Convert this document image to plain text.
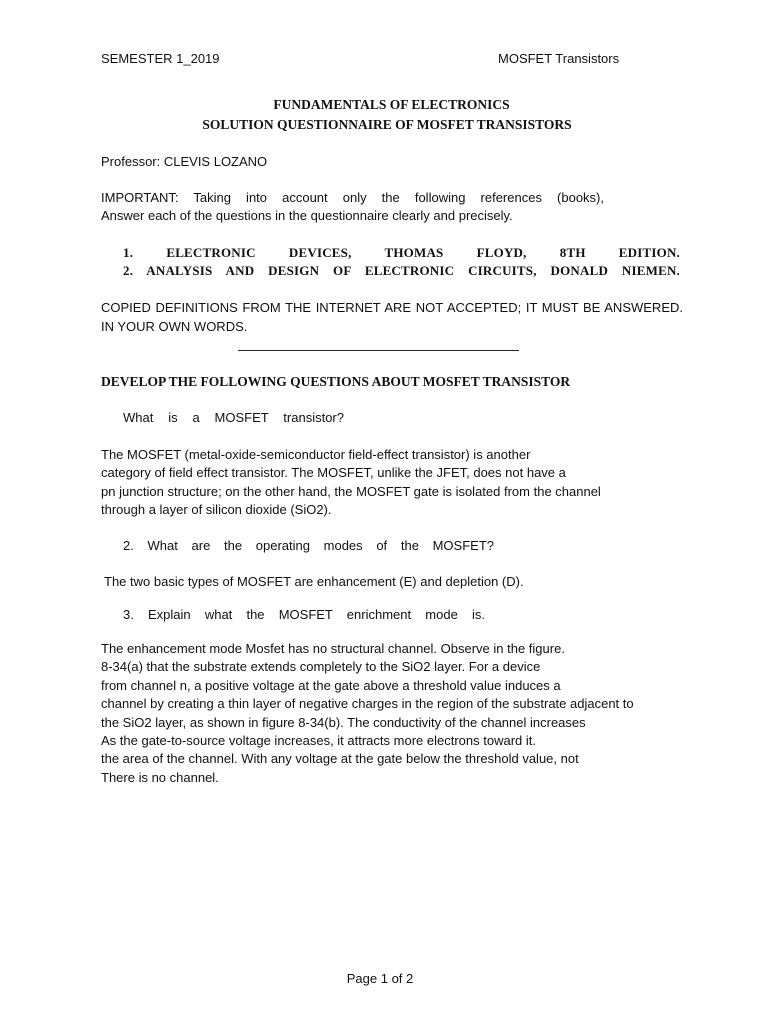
SEMESTER 1_2019	MOSFET Transistors
FUNDAMENTALS OF ELECTRONICS
SOLUTION QUESTIONNAIRE OF MOSFET TRANSISTORS
Professor: CLEVIS LOZANO
IMPORTANT: Taking into account only the following references (books),
Answer each of the questions in the questionnaire clearly and precisely.
1. ELECTRONIC DEVICES, THOMAS FLOYD, 8TH EDITION.
2. ANALYSIS AND DESIGN OF ELECTRONIC CIRCUITS, DONALD NIEMEN.
COPIED DEFINITIONS FROM THE INTERNET ARE NOT ACCEPTED; IT MUST BE ANSWERED.
IN YOUR OWN WORDS.
DEVELOP THE FOLLOWING QUESTIONS ABOUT MOSFET TRANSISTOR
What is a MOSFET transistor?
The MOSFET (metal-oxide-semiconductor field-effect transistor) is another
category of field effect transistor. The MOSFET, unlike the JFET, does not have a
pn junction structure; on the other hand, the MOSFET gate is isolated from the channel
through a layer of silicon dioxide (SiO2).
2. What are the operating modes of the MOSFET?
The two basic types of MOSFET are enhancement (E) and depletion (D).
3. Explain what the MOSFET enrichment mode is.
The enhancement mode Mosfet has no structural channel. Observe in the figure.
8-34(a) that the substrate extends completely to the SiO2 layer. For a device
from channel n, a positive voltage at the gate above a threshold value induces a
channel by creating a thin layer of negative charges in the region of the substrate adjacent to
the SiO2 layer, as shown in figure 8-34(b). The conductivity of the channel increases
As the gate-to-source voltage increases, it attracts more electrons toward it.
the area of the channel. With any voltage at the gate below the threshold value, not
There is no channel.
Page 1 of 2
